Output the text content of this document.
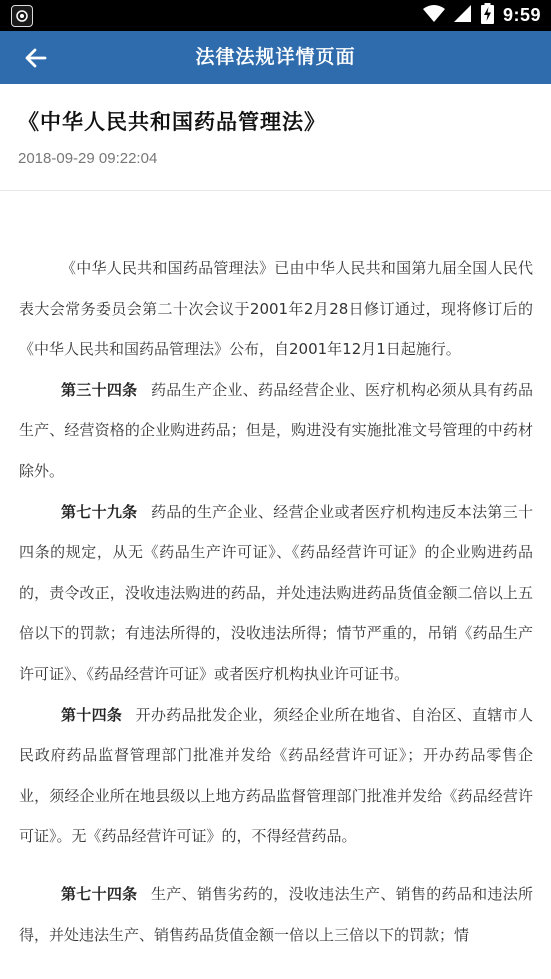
9:59
法律法规详情页面
《中华人民共和国药品管理法》
2018-09-29 09:22:04

《中华人民共和国药品管理法》已由中华人民共和国第九届全国人民代表大会常务委员会第二十次会议于2001年2月28日修订通过，现将修订后的《中华人民共和国药品管理法》公布，自2001年12月1日起施行。

第三十四条 药品生产企业、药品经营企业、医疗机构必须从具有药品生产、经营资格的企业购进药品；但是，购进没有实施批准文号管理的中药材除外。

第七十九条 药品的生产企业、经营企业或者医疗机构违反本法第三十四条的规定，从无《药品生产许可证》、《药品经营许可证》的企业购进药品的，责令改正，没收违法购进的药品，并处违法购进药品货值金额二倍以上五倍以下的罚款；有违法所得的，没收违法所得；情节严重的，吊销《药品生产许可证》、《药品经营许可证》或者医疗机构执业许可证书。

第十四条 开办药品批发企业，须经企业所在地省、自治区、直辖市人民政府药品监督管理部门批准并发给《药品经营许可证》；开办药品零售企业，须经企业所在地县级以上地方药品监督管理部门批准并发给《药品经营许可证》。无《药品经营许可证》的，不得经营药品。

第七十四条 生产、销售劣药的，没收违法生产、销售的药品和违法所得，并处违法生产、销售药品货值金额一倍以上三倍以下的罚款；情
